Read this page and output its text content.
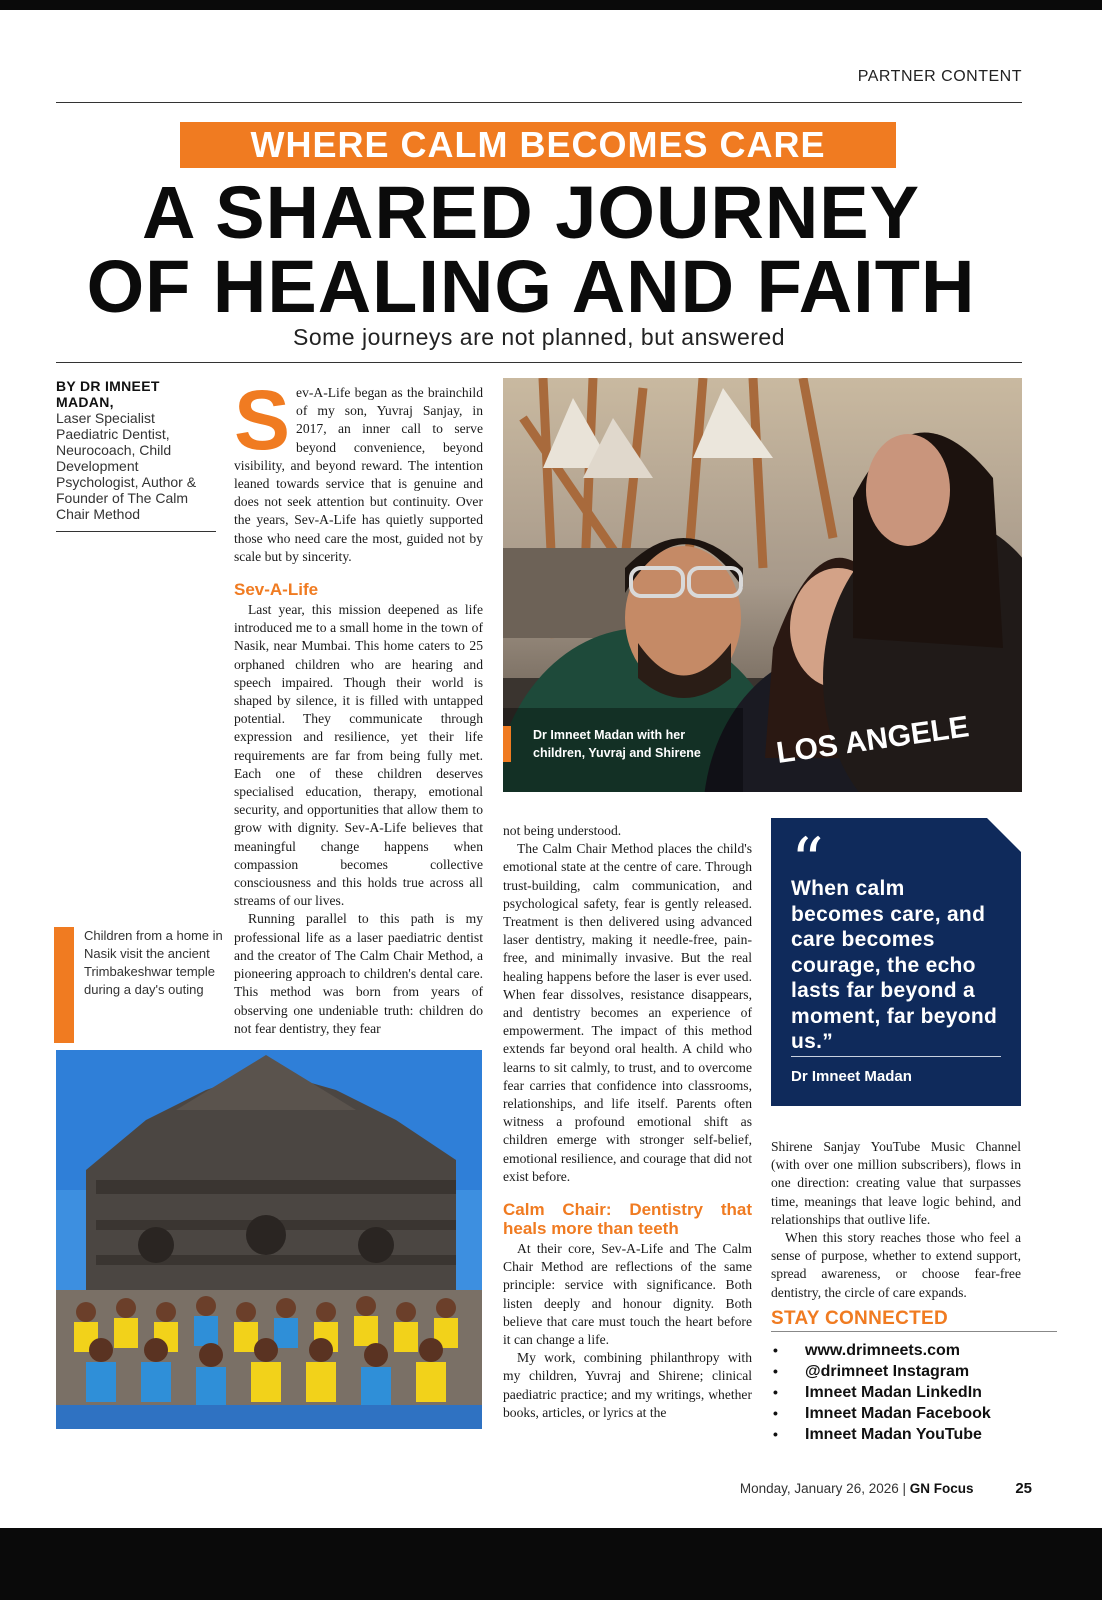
PARTNER CONTENT
WHERE CALM BECOMES CARE
A SHARED JOURNEY
OF HEALING AND FAITH
Some journeys are not planned, but answered
BY DR IMNEET MADAN,
Laser Specialist Paediatric Dentist, Neurocoach, Child Development Psychologist, Author & Founder of The Calm Chair Method

Sev-A-Life began as the brainchild of my son, Yuvraj Sanjay, in 2017, an inner call to serve beyond convenience, beyond visibility, and beyond reward. The intention leaned towards service that is genuine and does not seek attention but continuity. Over the years, Sev-A-Life has quietly supported those who need care the most, guided not by scale but by sincerity.

Sev-A-Life

Last year, this mission deepened as life introduced me to a small home in the town of Nasik, near Mumbai. This home caters to 25 orphaned children who are hearing and speech impaired. Though their world is shaped by silence, it is filled with untapped potential. They communicate through expression and resilience, yet their life requirements are far from being fully met. Each one of these children deserves specialised education, therapy, emotional security, and opportunities that allow them to grow with dignity. Sev-A-Life believes that meaningful change happens when compassion becomes collective consciousness and this holds true across all streams of our lives.

Running parallel to this path is my professional life as a laser paediatric dentist and the creator of The Calm Chair Method, a pioneering approach to children's dental care. This method was born from years of observing one undeniable truth: children do not fear dentistry, they fear

LOS ANGELE
Dr Imneet Madan with her children, Yuvraj and Shirene
Children from a home in Nasik visit the ancient Trimbakeshwar temple during a day's outing

not being understood.

The Calm Chair Method places the child's emotional state at the centre of care. Through trust-building, calm communication, and psychological safety, fear is gently released. Treatment is then delivered using advanced laser dentistry, making it needle-free, pain-free, and minimally invasive. But the real healing happens before the laser is ever used. When fear dissolves, resistance disappears, and dentistry becomes an experience of empowerment. The impact of this method extends far beyond oral health. A child who learns to sit calmly, to trust, and to overcome fear carries that confidence into classrooms, relationships, and life itself. Parents often witness a profound emotional shift as children emerge with stronger self-belief, emotional resilience, and courage that did not exist before.

Calm Chair: Dentistry that heals more than teeth

At their core, Sev-A-Life and The Calm Chair Method are reflections of the same principle: service with significance. Both listen deeply and honour dignity. Both believe that care must touch the heart before it can change a life.

My work, combining philanthropy with my children, Yuvraj and Shirene; clinical paediatric practice; and my writings, whether books, articles, or lyrics at the

“
When calm becomes care, and care becomes courage, the echo lasts far beyond a moment, far beyond us.”
Dr Imneet Madan

Shirene Sanjay YouTube Music Channel (with over one million subscribers), flows in one direction: creating value that surpasses time, meanings that leave logic behind, and relationships that outlive life.

When this story reaches those who feel a sense of purpose, whether to extend support, spread awareness, or choose fear-free dentistry, the circle of care expands.

STAY CONNECTED
• www.drimneets.com
• @drimneet Instagram
• Imneet Madan LinkedIn
• Imneet Madan Facebook
• Imneet Madan YouTube
Monday, January 26, 2026 | GN Focus	25
